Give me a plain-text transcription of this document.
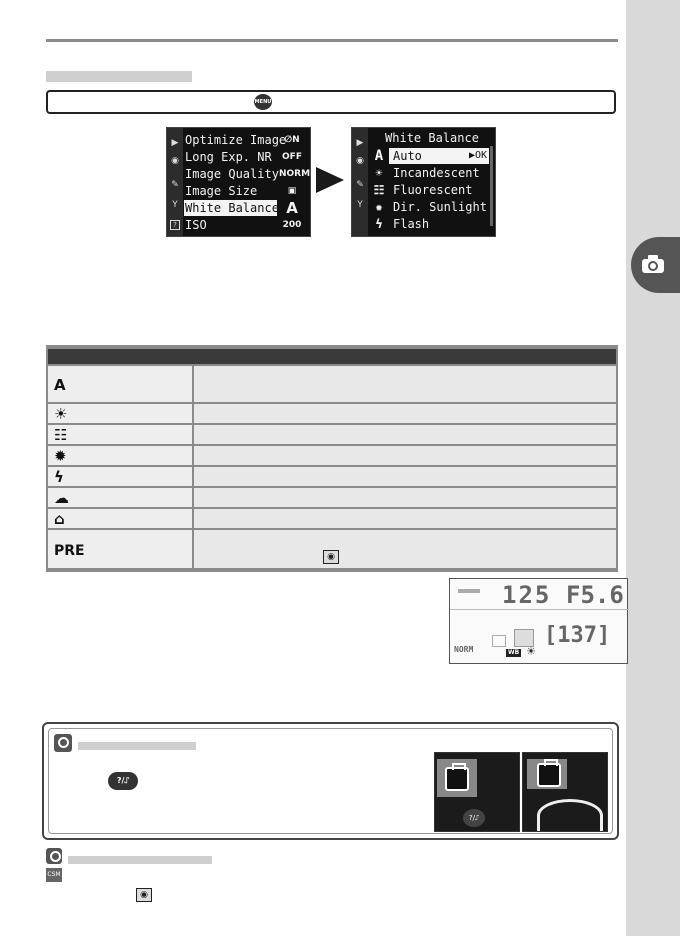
MENU
▶
◉
✎
Y
?
Optimize Image
∅N
Long Exp. NR	OFF
Image Quality NORM
Image Size	▣
White Balance A
ISO	200
▶
◉
✎
Y
White Balance
A Auto	▶OK
☀ Incandescent
☷ Fluorescent
✹ Dir. Sunlight
ϟ Flash

A	
☀	
☷	
✹	
ϟ	
☁	
⌂	
PRE	◉
125 F5.6
[137]
NORM	WB ☀
?/⑀
?/⑀
CSM
◉
